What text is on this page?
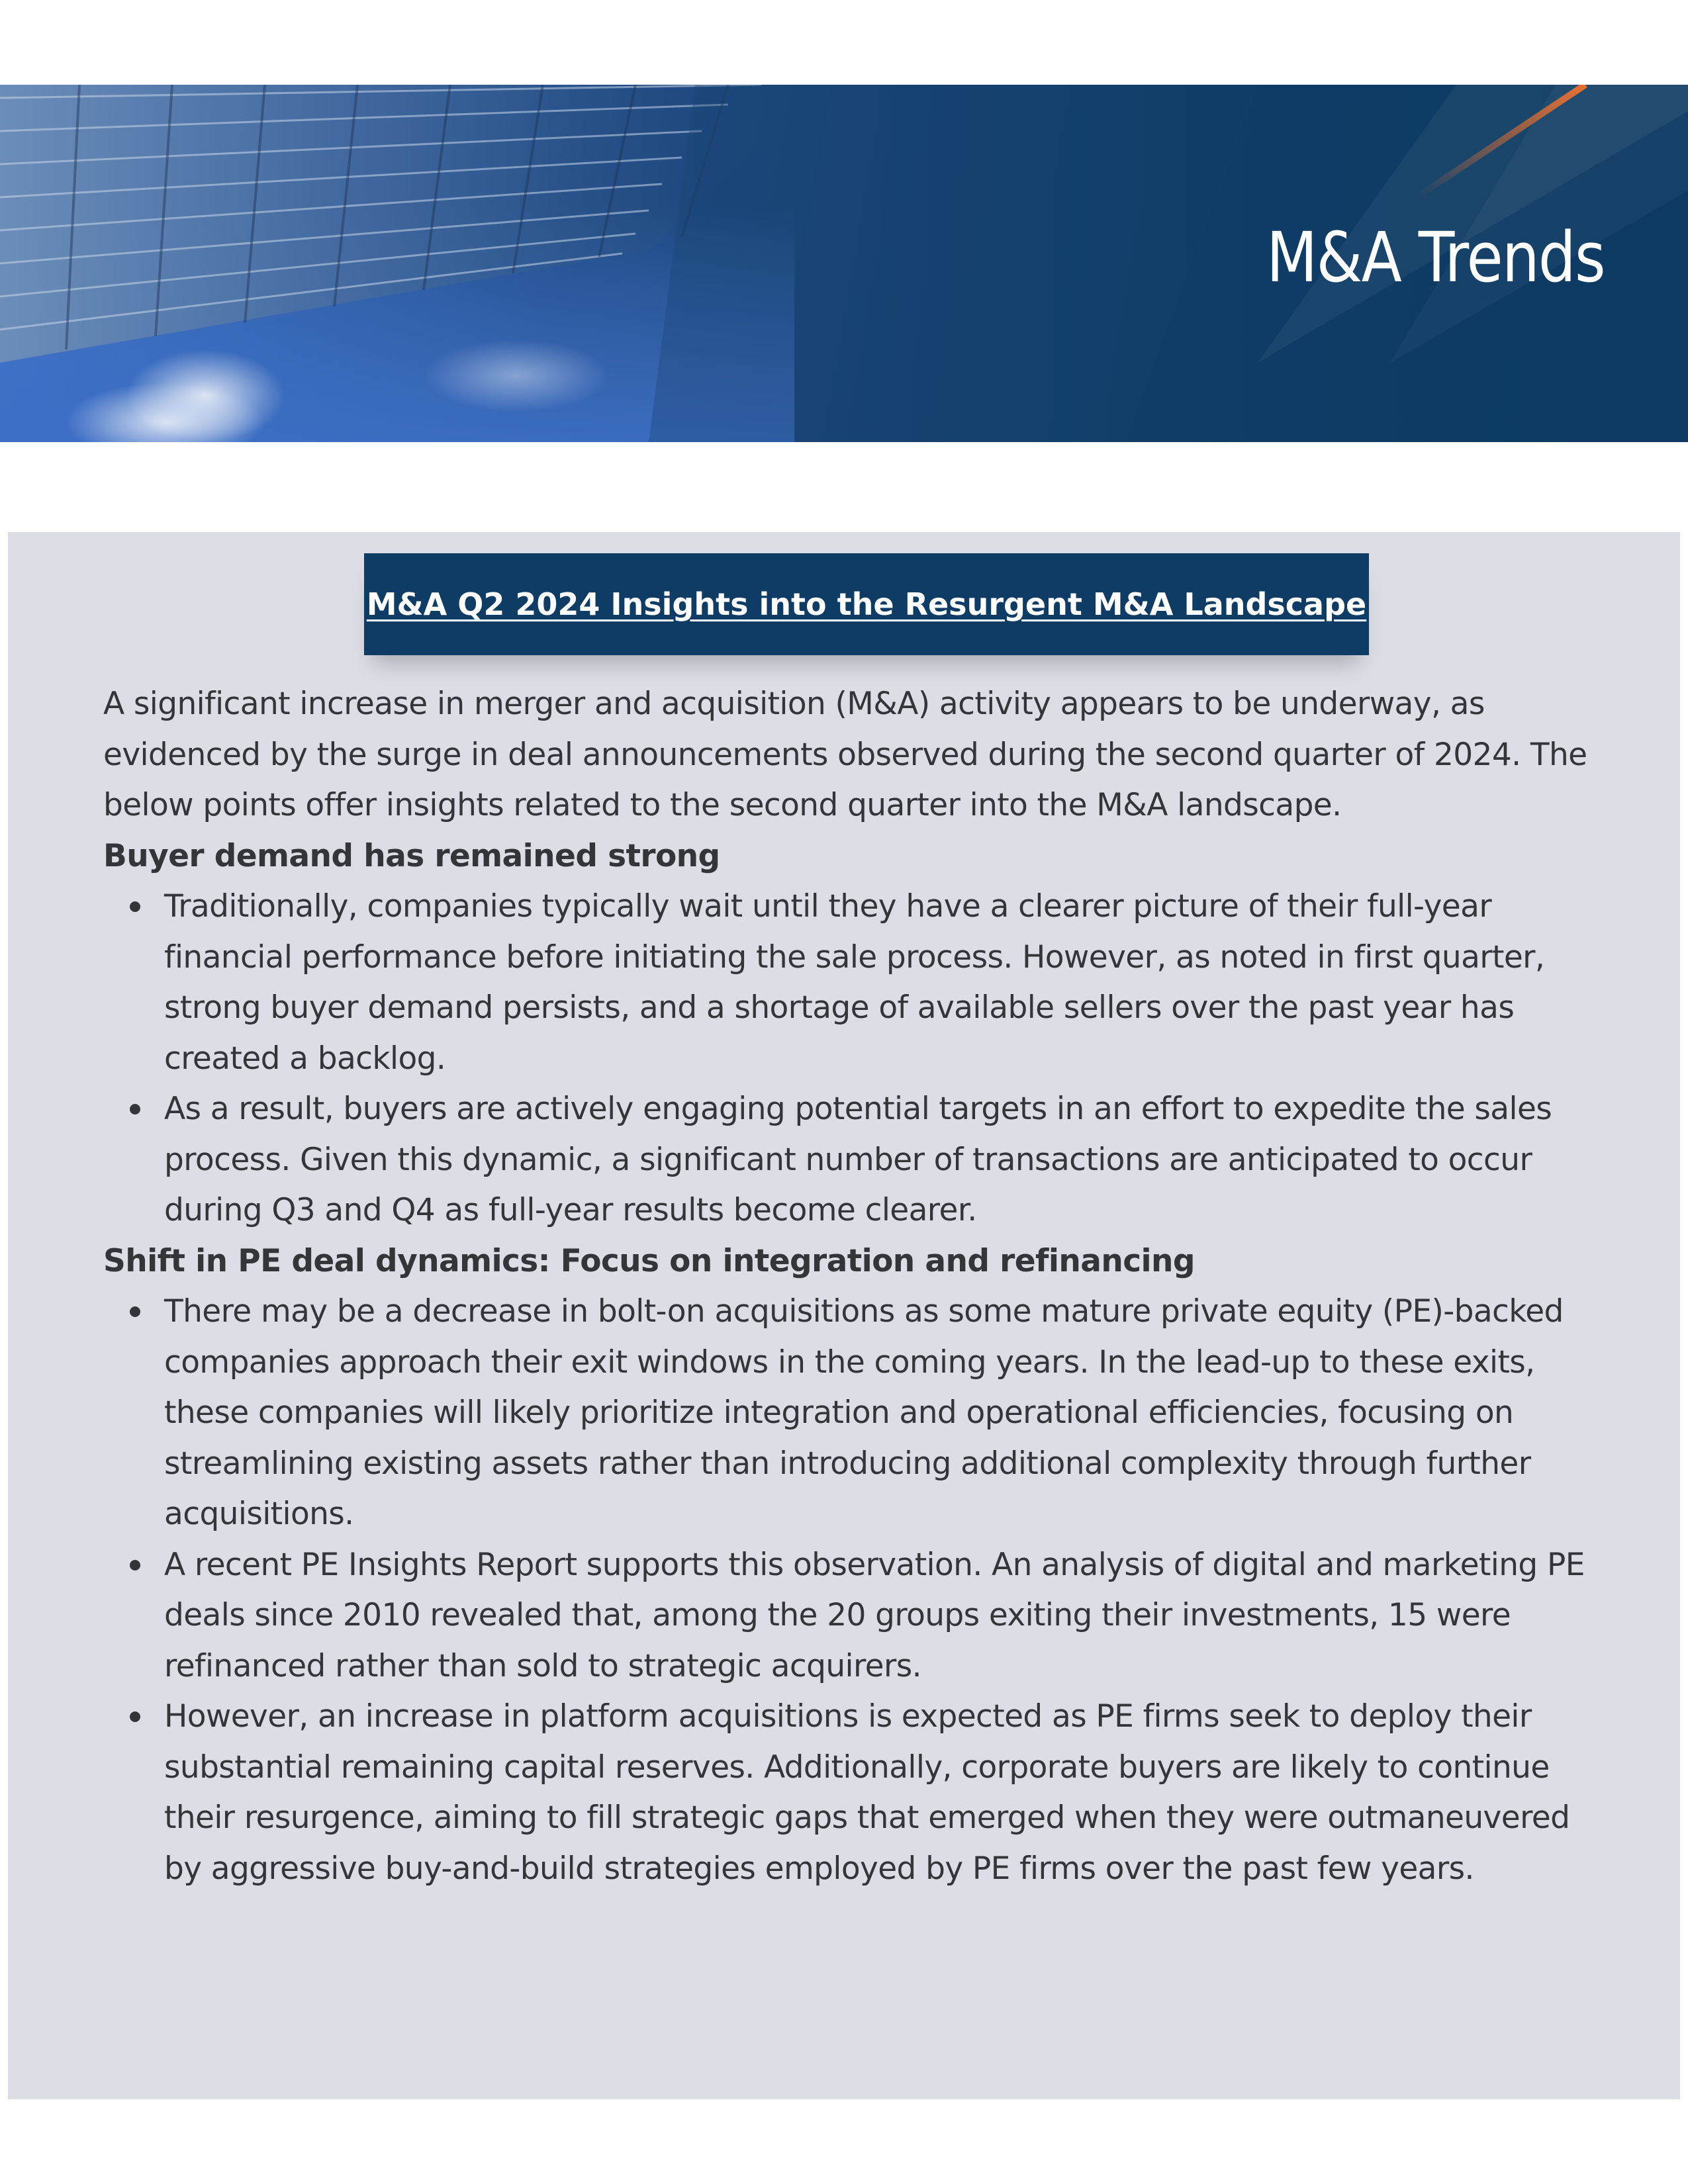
M&A Trends
M&A Q2 2024 Insights into the Resurgent M&A Landscape

A significant increase in merger and acquisition (M&A) activity appears to be underway, as evidenced by the surge in deal announcements observed during the second quarter of 2024. The below points offer insights related to the second quarter into the M&A landscape.

Buyer demand has remained strong

Traditionally, companies typically wait until they have a clearer picture of their full-year financial performance before initiating the sale process. However, as noted in first quarter, strong buyer demand persists, and a shortage of available sellers over the past year has created a backlog.
As a result, buyers are actively engaging potential targets in an effort to expedite the sales process. Given this dynamic, a significant number of transactions are anticipated to occur during Q3 and Q4 as full-year results become clearer.

Shift in PE deal dynamics: Focus on integration and refinancing

There may be a decrease in bolt-on acquisitions as some mature private equity (PE)-backed companies approach their exit windows in the coming years. In the lead-up to these exits, these companies will likely prioritize integration and operational efficiencies, focusing on streamlining existing assets rather than introducing additional complexity through further acquisitions.
A recent PE Insights Report supports this observation. An analysis of digital and marketing PE deals since 2010 revealed that, among the 20 groups exiting their investments, 15 were refinanced rather than sold to strategic acquirers.
However, an increase in platform acquisitions is expected as PE firms seek to deploy their substantial remaining capital reserves. Additionally, corporate buyers are likely to continue their resurgence, aiming to fill strategic gaps that emerged when they were outmaneuvered by aggressive buy-and-build strategies employed by PE firms over the past few years.
